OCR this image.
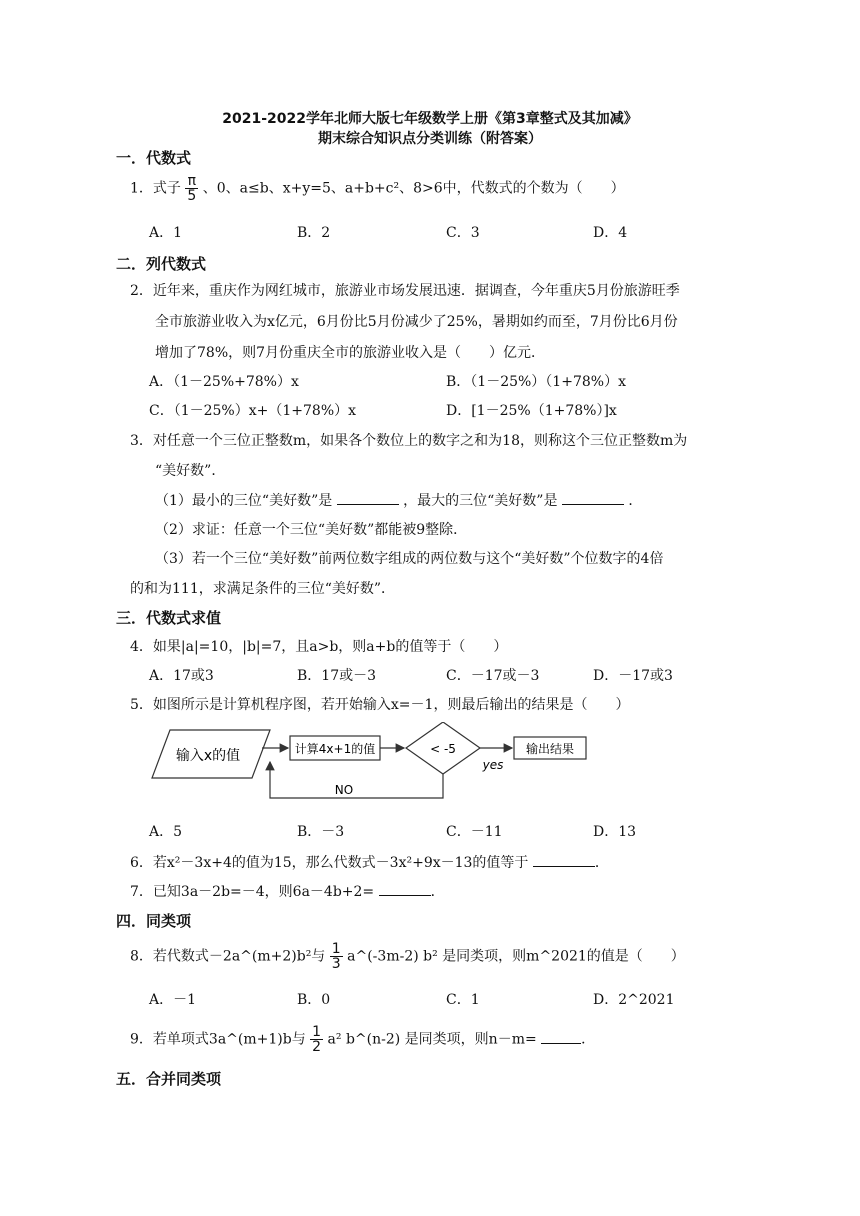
2021-2022学年北师大版七年级数学上册《第3章整式及其加减》
期末综合知识点分类训练（附答案）
一．代数式
1．式子 $\frac{\pi}{5}$ 、0、a≤b、x+y=5、a+b+c²、8>6中，代数式的个数为（　　）
A．1	B．2	C．3	D．4
二．列代数式
2．近年来，重庆作为网红城市，旅游业市场发展迅速．据调查，今年重庆5月份旅游旺季
全市旅游业收入为x亿元，6月份比5月份减少了25%，暑期如约而至，7月份比6月份
增加了78%，则7月份重庆全市的旅游业收入是（　　）亿元．
A．（1－25%+78%）x	B．（1－25%）（1+78%）x
C．（1－25%）x+（1+78%）x	D．[1－25%（1+78%）]x
3．对任意一个三位正整数m，如果各个数位上的数字之和为18，则称这个三位正整数m为
“美好数”．
（1）最小的三位“美好数”是	，最大的三位“美好数”是	．
（2）求证：任意一个三位“美好数”都能被9整除．
（3）若一个三位“美好数”前两位数字组成的两位数与这个“美好数”个位数字的4倍
的和为111，求满足条件的三位“美好数”．
三．代数式求值
4．如果|a|=10，|b|=7，且a>b，则a+b的值等于（　　）
A．17或3	B．17或－3	C．－17或－3	D．－17或3
5．如图所示是计算机程序图，若开始输入x=－1，则最后输出的结果是（　　）
输入x的值	计算4x+1的值	< -5
yes
输出结果
NO
A．5	B．－3	C．－11	D．13
6．若x²－3x+4的值为15，那么代数式－3x²+9x－13的值等于	．
7．已知3a－2b=－4，则6a－4b+2=	．
四．同类项
8．若代数式－2a^(m+2)b²与 $\frac{1}{3}$ a^(-3m-2) b² 是同类项，则m^2021的值是（　　）
A．－1	B．0	C．1	D．2^2021
9．若单项式3a^(m+1)b与 $\frac{1}{2} a^2$ b^(n-2) 是同类项，则n－m=	．
五．合并同类项
